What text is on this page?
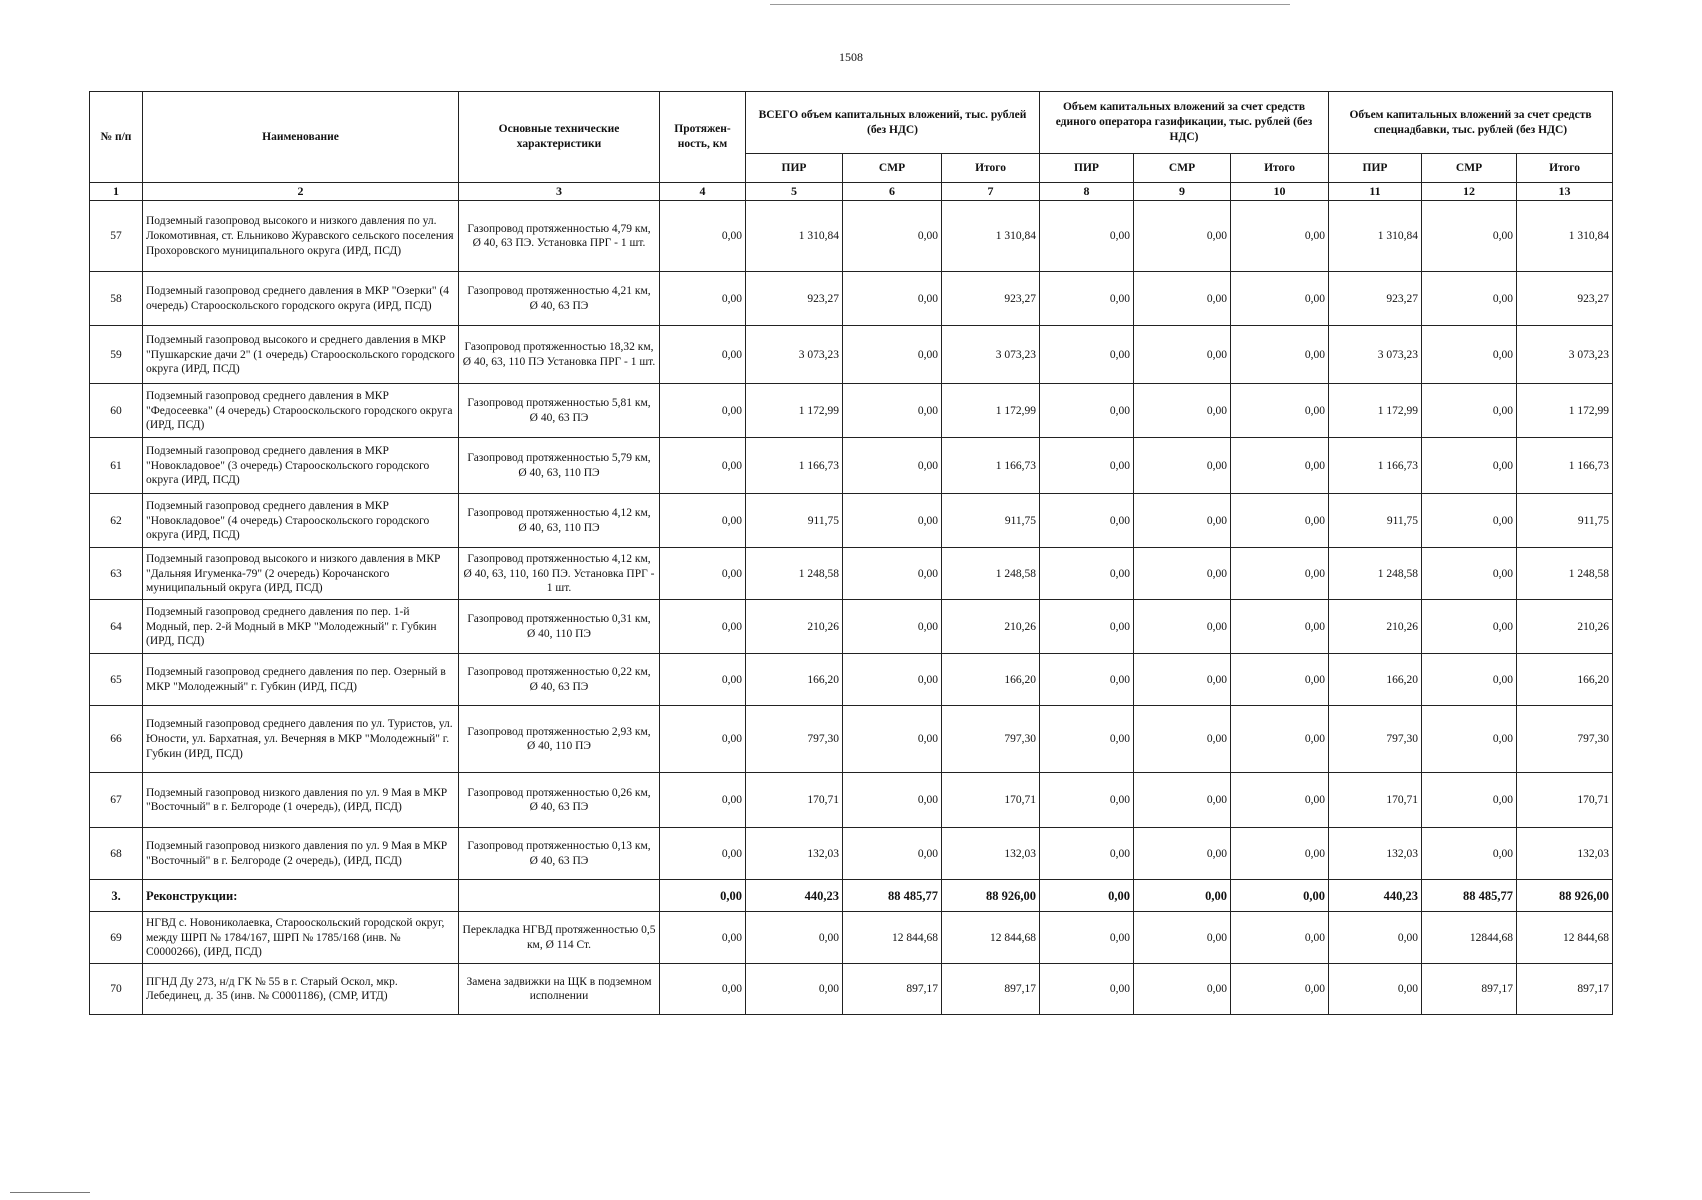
1508
№ п/п	Наименование	Основные технические характеристики	Протяжен-ность, км	ВСЕГО объем капитальных вложений, тыс. рублей (без НДС)			Объем капитальных вложений за счет средств единого оператора газификации, тыс. рублей (без НДС)			Объем капитальных вложений за счет средств спецнадбавки, тыс. рублей (без НДС)		
				ПИР	СМР	Итого	ПИР	СМР	Итого	ПИР	СМР	Итого
1	2	3	4	5	6	7	8	9	10	11	12	13
57	Подземный газопровод высокого и низкого давления по ул. Локомотивная, ст. Ельниково Журавского сельского поселения Прохоровского муниципального округа (ИРД, ПСД)	Газопровод протяженностью 4,79 км, Ø 40, 63 ПЭ. Установка ПРГ - 1 шт.	0,00	1 310,84	0,00	1 310,84	0,00	0,00	0,00	1 310,84	0,00	1 310,84
58	Подземный газопровод среднего давления в МКР "Озерки" (4 очередь) Старооскольского городского округа (ИРД, ПСД)	Газопровод протяженностью 4,21 км, Ø 40, 63 ПЭ	0,00	923,27	0,00	923,27	0,00	0,00	0,00	923,27	0,00	923,27
59	Подземный газопровод высокого и среднего давления в МКР "Пушкарские дачи 2" (1 очередь) Старооскольского городского округа (ИРД, ПСД)	Газопровод протяженностью 18,32 км, Ø 40, 63, 110 ПЭ Установка ПРГ - 1 шт.	0,00	3 073,23	0,00	3 073,23	0,00	0,00	0,00	3 073,23	0,00	3 073,23
60	Подземный газопровод среднего давления в МКР "Федосеевка" (4 очередь) Старооскольского городского округа (ИРД, ПСД)	Газопровод протяженностью 5,81 км, Ø 40, 63 ПЭ	0,00	1 172,99	0,00	1 172,99	0,00	0,00	0,00	1 172,99	0,00	1 172,99
61	Подземный газопровод среднего давления в МКР "Новокладовое" (3 очередь) Старооскольского городского округа (ИРД, ПСД)	Газопровод протяженностью 5,79 км, Ø 40, 63, 110 ПЭ	0,00	1 166,73	0,00	1 166,73	0,00	0,00	0,00	1 166,73	0,00	1 166,73
62	Подземный газопровод среднего давления в МКР "Новокладовое" (4 очередь) Старооскольского городского округа (ИРД, ПСД)	Газопровод протяженностью 4,12 км, Ø 40, 63, 110 ПЭ	0,00	911,75	0,00	911,75	0,00	0,00	0,00	911,75	0,00	911,75
63	Подземный газопровод высокого и низкого давления в МКР "Дальняя Игуменка-79" (2 очередь) Корочанского муниципальный округа (ИРД, ПСД)	Газопровод протяженностью 4,12 км, Ø 40, 63, 110, 160 ПЭ. Установка ПРГ - 1 шт.	0,00	1 248,58	0,00	1 248,58	0,00	0,00	0,00	1 248,58	0,00	1 248,58
64	Подземный газопровод среднего давления по пер. 1-й Модный, пер. 2-й Модный в МКР "Молодежный" г. Губкин (ИРД, ПСД)	Газопровод протяженностью 0,31 км, Ø 40, 110 ПЭ	0,00	210,26	0,00	210,26	0,00	0,00	0,00	210,26	0,00	210,26
65	Подземный газопровод среднего давления по пер. Озерный в МКР "Молодежный" г. Губкин (ИРД, ПСД)	Газопровод протяженностью 0,22 км, Ø 40, 63 ПЭ	0,00	166,20	0,00	166,20	0,00	0,00	0,00	166,20	0,00	166,20
66	Подземный газопровод среднего давления по ул. Туристов, ул. Юности, ул. Бархатная, ул. Вечерняя в МКР "Молодежный" г. Губкин (ИРД, ПСД)	Газопровод протяженностью 2,93 км, Ø 40, 110 ПЭ	0,00	797,30	0,00	797,30	0,00	0,00	0,00	797,30	0,00	797,30
67	Подземный газопровод низкого давления по ул. 9 Мая в МКР "Восточный" в г. Белгороде (1 очередь), (ИРД, ПСД)	Газопровод протяженностью 0,26 км, Ø 40, 63 ПЭ	0,00	170,71	0,00	170,71	0,00	0,00	0,00	170,71	0,00	170,71
68	Подземный газопровод низкого давления по ул. 9 Мая в МКР "Восточный" в г. Белгороде (2 очередь), (ИРД, ПСД)	Газопровод протяженностью 0,13 км, Ø 40, 63 ПЭ	0,00	132,03	0,00	132,03	0,00	0,00	0,00	132,03	0,00	132,03
3.	Реконструкции:		0,00	440,23	88 485,77	88 926,00	0,00	0,00	0,00	440,23	88 485,77	88 926,00
69	НГВД с. Новониколаевка, Старооскольский городской округ, между ШРП № 1784/167, ШРП № 1785/168 (инв. № С0000266), (ИРД, ПСД)	Перекладка НГВД протяженностью 0,5 км, Ø 114 Ст.	0,00	0,00	12 844,68	12 844,68	0,00	0,00	0,00	0,00	12844,68	12 844,68
70	ПГНД Ду 273, н/д ГК № 55 в г. Старый Оскол, мкр. Лебединец, д. 35 (инв. № С0001186), (СМР, ИТД)	Замена задвижки на ЩК в подземном исполнении	0,00	0,00	897,17	897,17	0,00	0,00	0,00	0,00	897,17	897,17
